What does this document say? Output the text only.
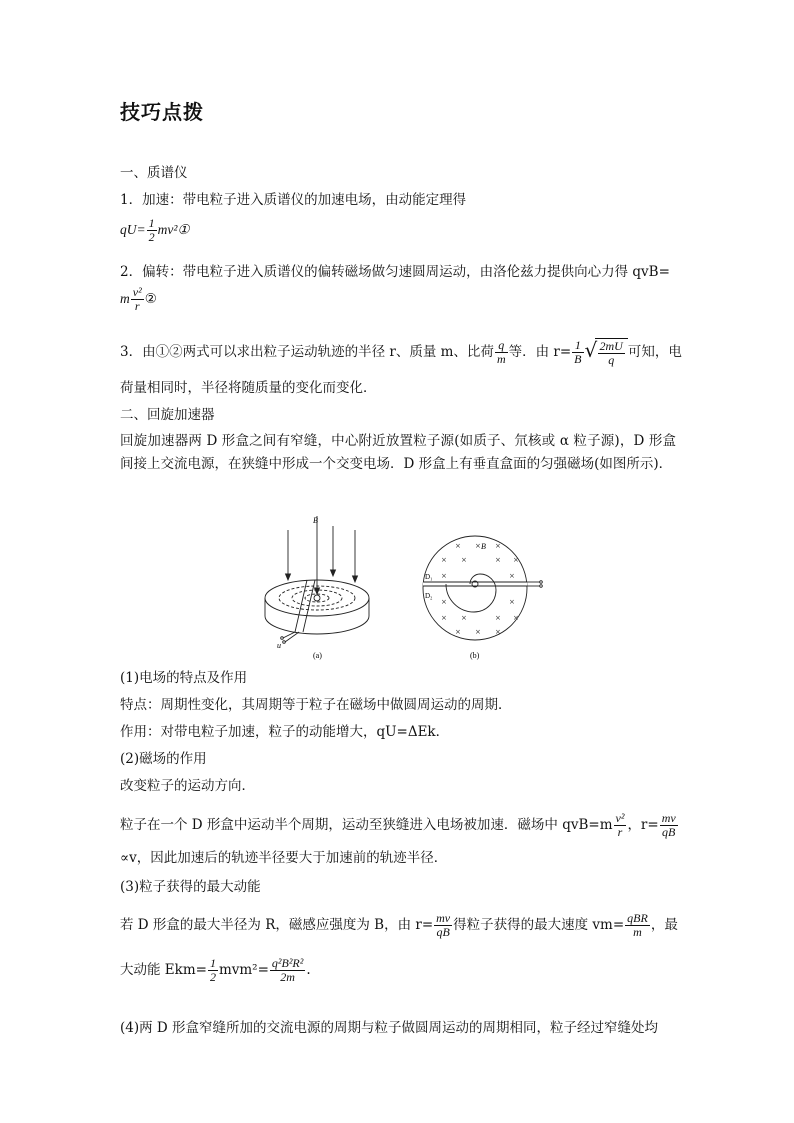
技巧点拨
一、质谱仪
1．加速：带电粒子进入质谱仪的加速电场，由动能定理得
$qU= \frac{1}{2}$ mv²①
2．偏转：带电粒子进入质谱仪的偏转磁场做匀速圆周运动，由洛伦兹力提供向心力得 qvB=
m $\frac{\text{v²}}{r}$ ②
3．由①②两式可以求出粒子运动轨迹的半径 r、质量 m、比荷 $\frac{q}{m}$ 等．由 $r= \frac{1}{B}$ √ $\frac{2mU}{q}$ 可知，电
荷量相同时，半径将随质量的变化而变化．
二、回旋加速器
回旋加速器两 D 形盒之间有窄缝，中心附近放置粒子源(如质子、氘核或 α 粒子源)，D 形盒间接上交流电源，在狭缝中形成一个交变电场．D 形盒上有垂直盒面的匀强磁场(如图所示)．
B
u
(a)
× × ×
× ×	× ×
×	×
×	×
× ×	× ×
× × ×
B
D₁
D₂
(b)
(1)电场的特点及作用
特点：周期性变化，其周期等于粒子在磁场中做圆周运动的周期．
作用：对带电粒子加速，粒子的动能增大，qU=ΔEk．
(2)磁场的作用
改变粒子的运动方向．
粒子在一个 D 形盒中运动半个周期，运动至狭缝进入电场被加速．磁场中 $qvB=m \frac{\text{v²}}{r}$ ，$r= \frac{mv}{qB}$
∝v，因此加速后的轨迹半径要大于加速前的轨迹半径．
(3)粒子获得的最大动能
若 D 形盒的最大半径为 R，磁感应强度为 B，由 $r= \frac{mv}{qB}$ 得粒子获得的最大速度 $vm= \frac{\text{qBR}}{m}$ ，最
大动能 $Ekm= \frac{1}{2} mvm^2= \frac{\text{q²B²R²}}{2m}$ .
(4)两 D 形盒窄缝所加的交流电源的周期与粒子做圆周运动的周期相同，粒子经过窄缝处均
